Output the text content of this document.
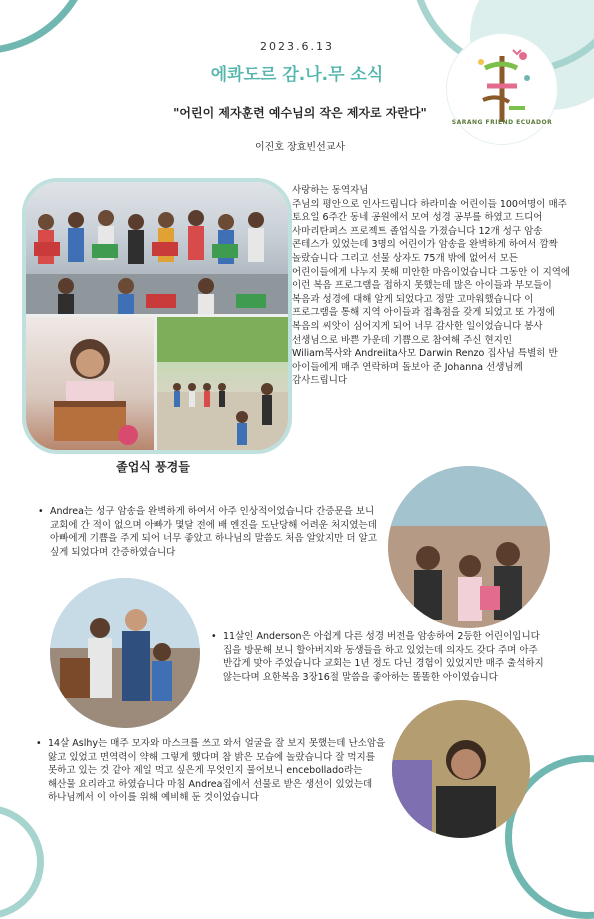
2023.6.13
에콰도르 감.나.무 소식
"어린이 제자훈련 예수님의 작은 제자로 자란다"
이진호 장효빈선교사
SARANG FRIEND ECUADOR
졸업식 풍경들
사랑하는 동역자님
주님의 평안으로 인사드립니다 하라미솔 어린이들 100여명이 매주 토요일 6주간 동네 공원에서 모여 성경 공부를 하였고 드디어 사마리탄퍼스 프로젝트 졸업식을 가졌습니다 12개 성구 암송 콘테스가 있었는데 3명의 어린이가 암송을 완벽하게 하여서 깜짝 놀랐습니다 그리고 선물 상자도 75개 밖에 없어서 모든 어린이들에게 나누지 못해 미안한 마음이었습니다 그동안 이 지역에 이런 복음 프로그램을 접하지 못했는데 많은 아이들과 부모들이 복음과 성경에 대해 알게 되었다고 정말 고마워했습니다 이 프로그램을 통해 지역 아이들과 접촉점을 갖게 되었고 또 가정에 복음의 씨앗이 심어지게 되어 너무 감사한 일이었습니다 봉사 선생님으로 바쁜 가운데 기쁨으로 참여해 주신 현지인 Wiliam목사와 Andreiita사모 Darwin Renzo 집사님 특별히 반 아이들에게 매주 연락하며 돌보아 준 Johanna 선생님께 감사드립니다
• Andrea는 성구 암송을 완벽하게 하여서 아주 인상적이었습니다 간증문을 보니 교회에 간 적이 없으며 아빠가 몇달 전에 배 엔진을 도난당해 어려운 처지였는데 아빠에게 기쁨을 주게 되어 너무 좋았고 하나님의 말씀도 처음 알았지만 더 알고 싶게 되었다며 간증하였습니다
• 11살인 Anderson은 아쉽게 다른 성경 버전을 암송하여 2등한 어린이입니다 집을 방문해 보니 할아버지와 동생들을 하고 있었는데 의자도 갖다 주며 아주 반갑게 맞아 주었습니다 교회는 1년 정도 다닌 경험이 있었지만 매주 출석하지 않는다며 요한복음 3장16절 말씀을 좋아하는 똘똘한 아이였습니다
• 14살 Aslhy는 매주 모자와 마스크를 쓰고 와서 얼굴을 잘 보지 못했는데 난소암을 앓고 있었고 면역력이 약해 그렇게 했다며 참 밝은 모습에 놀랐습니다 잘 먹지를 못하고 있는 것 같아 제일 먹고 싶은게 무엇인지 물어보니 encebollado라는 해산물 요리라고 하였습니다 마침 Andrea집에서 선물로 받은 생선이 있었는데 하나님께서 이 아이를 위해 예비해 둔 것이었습니다
